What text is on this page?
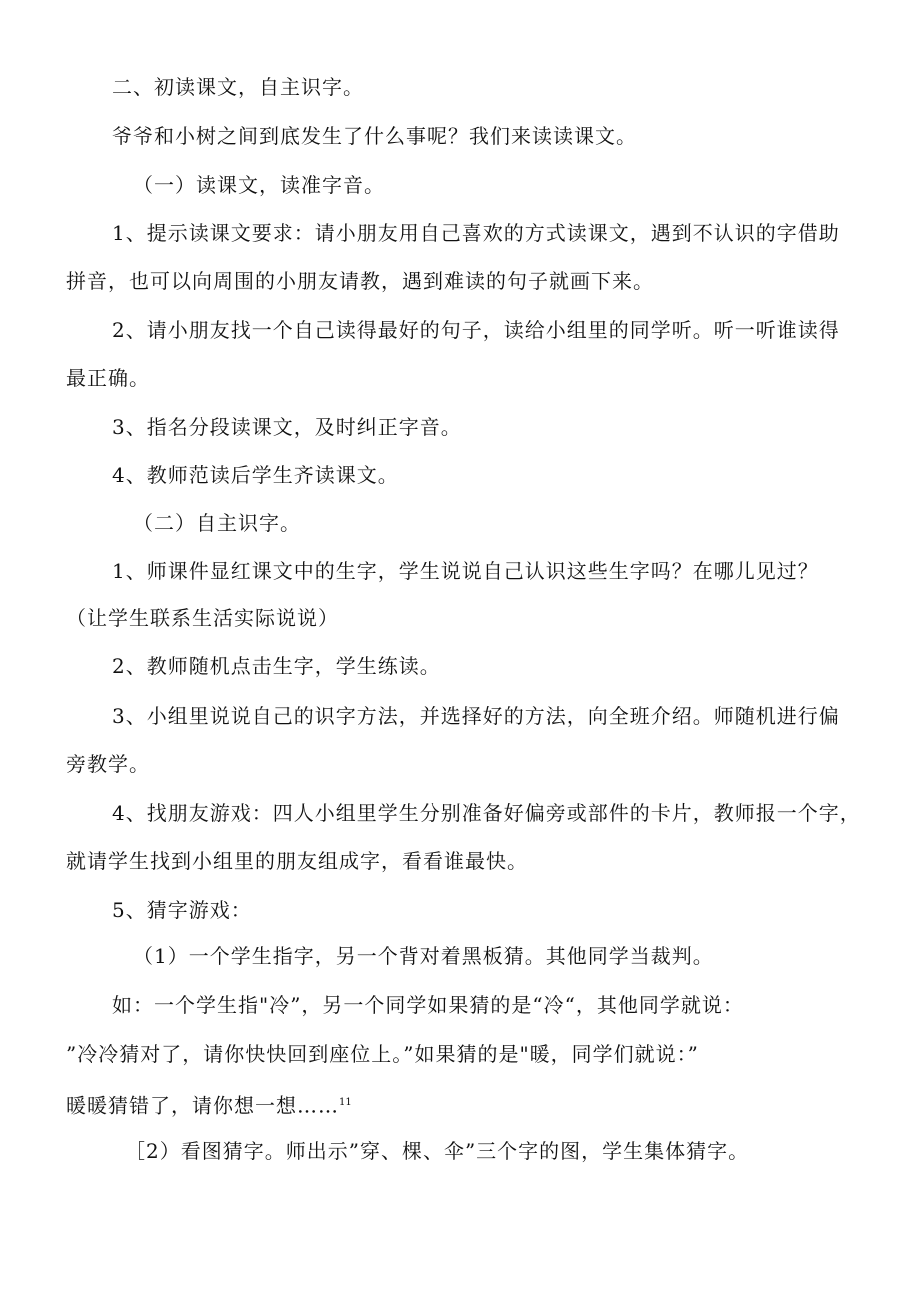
二、初读课文，自主识字。
爷爷和小树之间到底发生了什么事呢？我们来读读课文。
（一）读课文，读准字音。
1、提示读课文要求：请小朋友用自己喜欢的方式读课文，遇到不认识的字借助
拼音，也可以向周围的小朋友请教，遇到难读的句子就画下来。
2、请小朋友找一个自己读得最好的句子，读给小组里的同学听。听一听谁读得
最正确。
3、指名分段读课文，及时纠正字音。
4、教师范读后学生齐读课文。
（二）自主识字。
1、师课件显红课文中的生字，学生说说自己认识这些生字吗？在哪儿见过？
（让学生联系生活实际说说）
2、教师随机点击生字，学生练读。
3、小组里说说自己的识字方法，并选择好的方法，向全班介绍。师随机进行偏
旁教学。
4、找朋友游戏：四人小组里学生分别准备好偏旁或部件的卡片，教师报一个字，
就请学生找到小组里的朋友组成字，看看谁最快。
5、猜字游戏：
（1）一个学生指字，另一个背对着黑板猜。其他同学当裁判。
如：一个学生指"冷”，另一个同学如果猜的是“冷“，其他同学就说：
”冷冷猜对了，请你快快回到座位上。”如果猜的是"暖，同学们就说：”
暖暖猜错了，请你想一想……$^{11}$
［2）看图猜字。师出示”穿、棵、伞”三个字的图，学生集体猜字。
